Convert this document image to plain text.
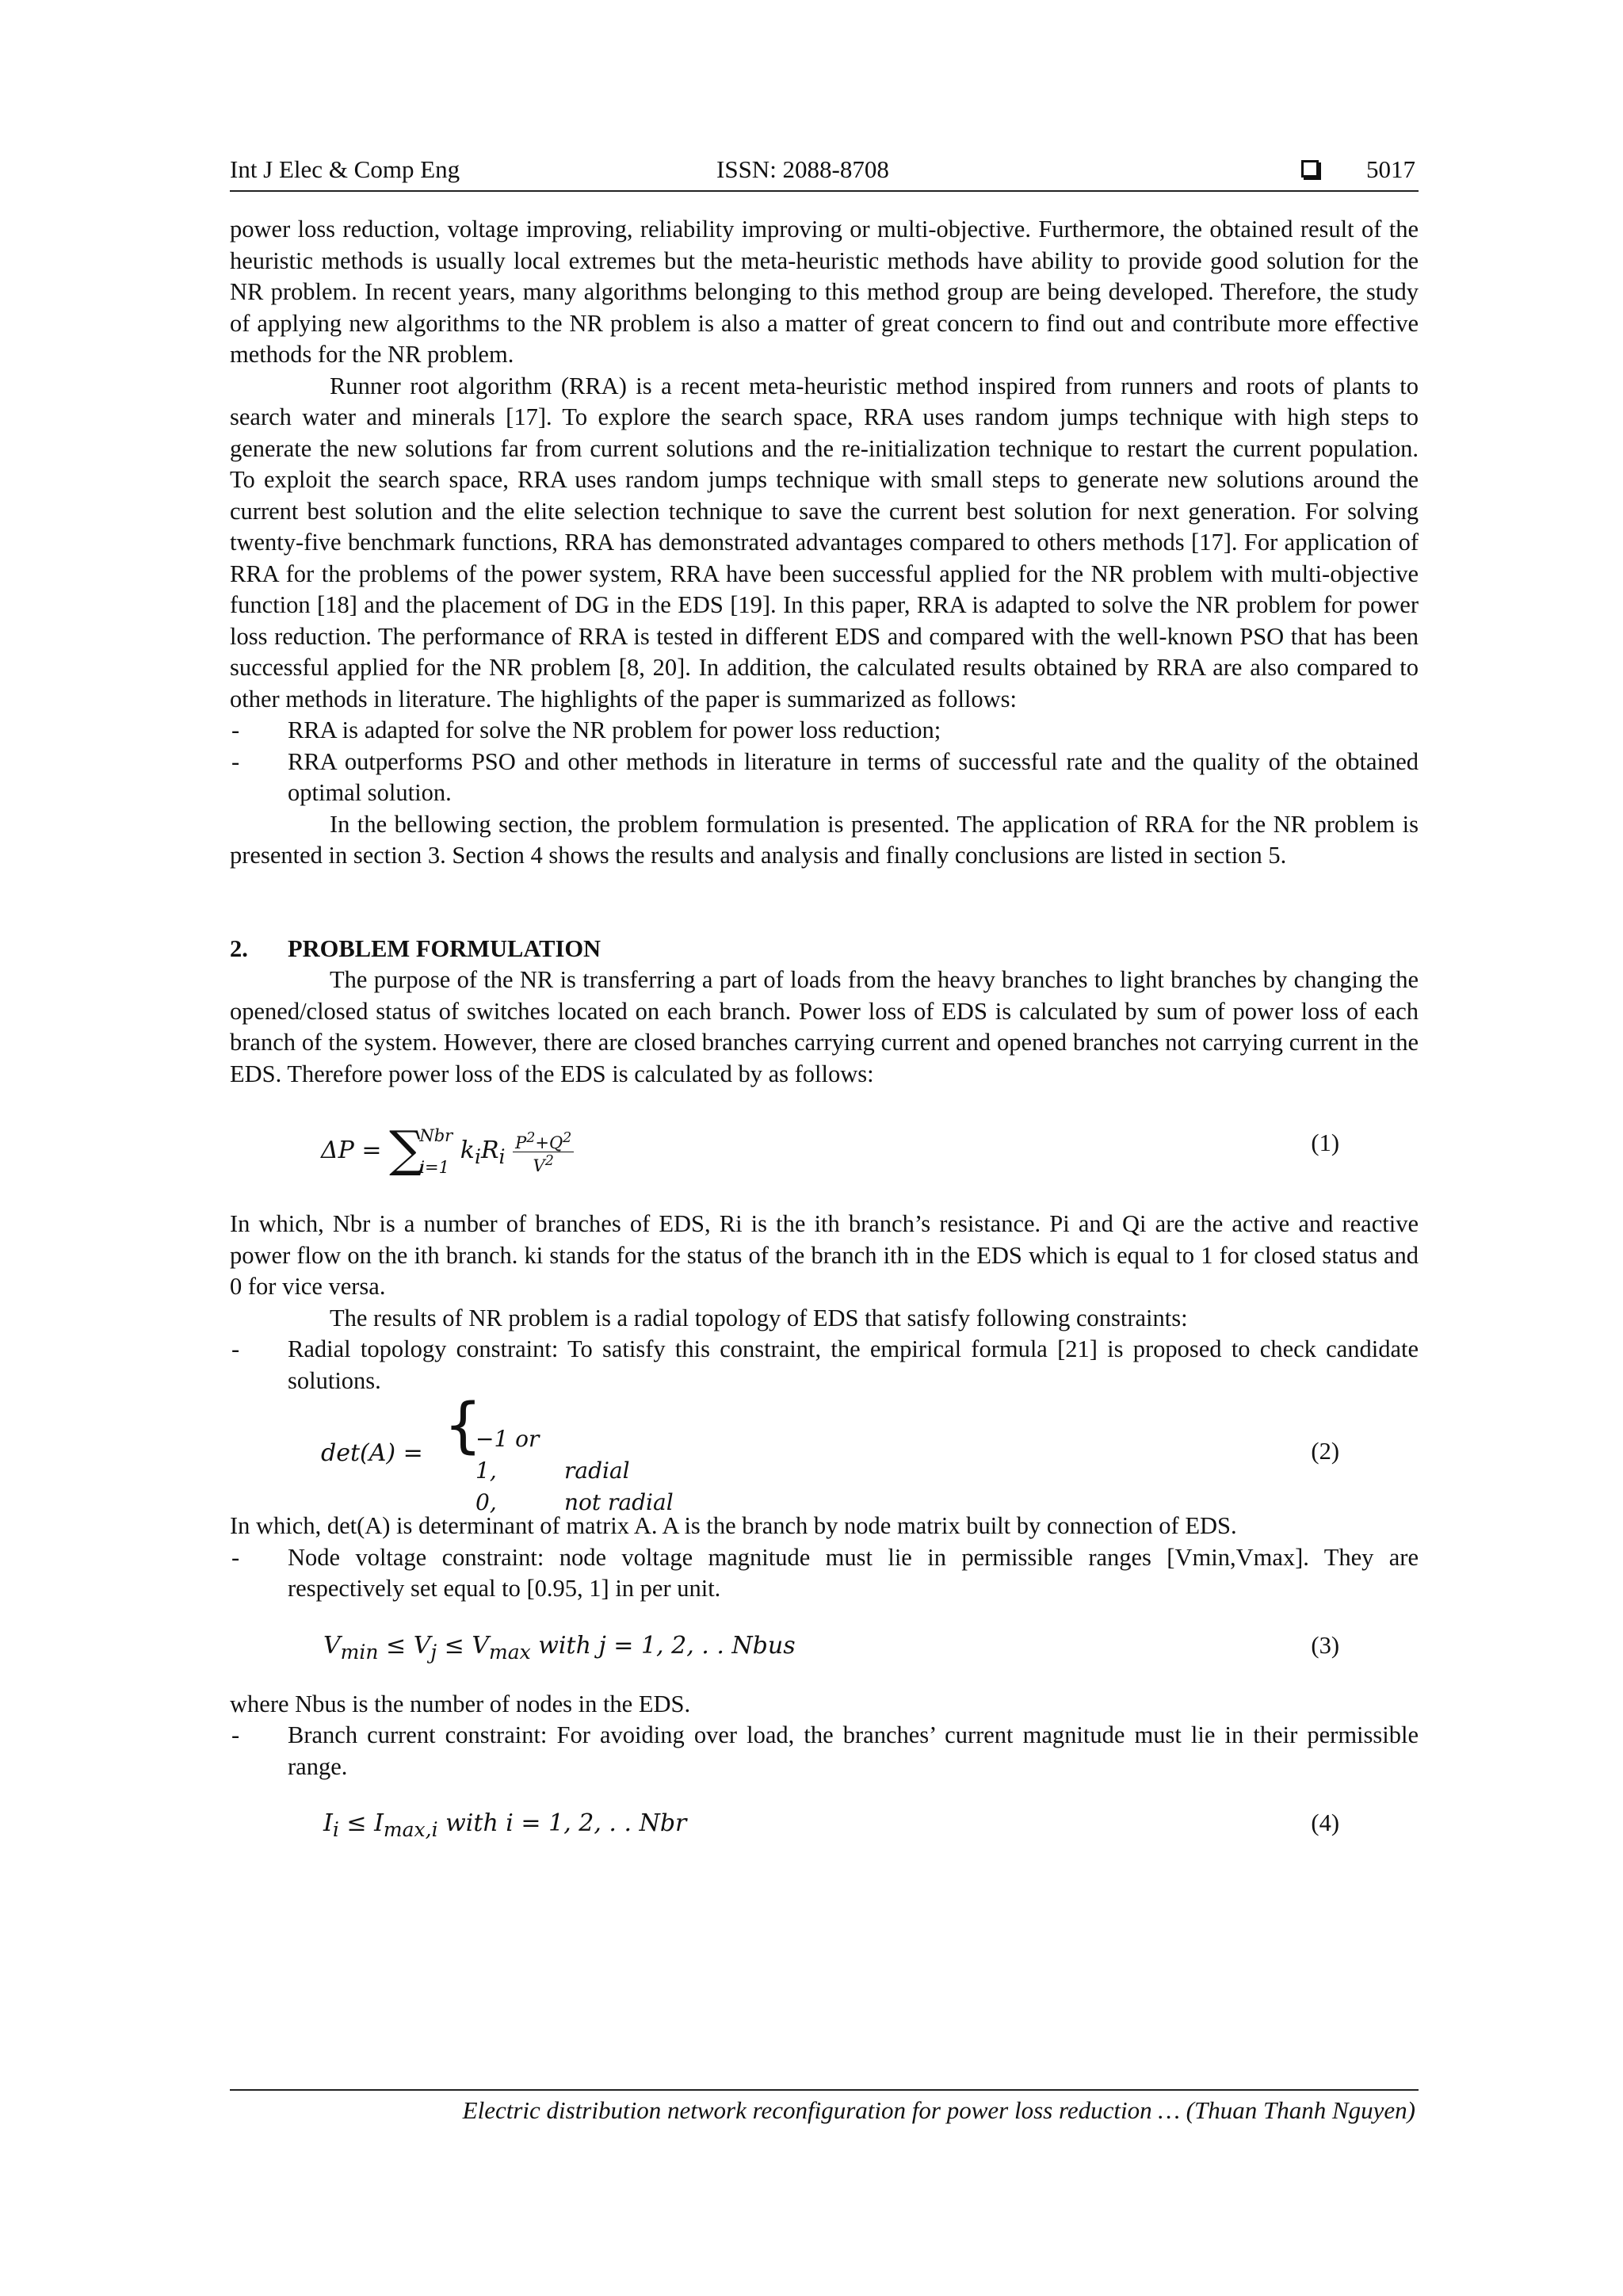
Int J Elec & Comp Eng	ISSN: 2088-8708	5017

power loss reduction, voltage improving, reliability improving or multi-objective. Furthermore, the obtained result of the heuristic methods is usually local extremes but the meta-heuristic methods have ability to provide good solution for the NR problem. In recent years, many algorithms belonging to this method group are being developed. Therefore, the study of applying new algorithms to the NR problem is also a matter of great concern to find out and contribute more effective methods for the NR problem.

Runner root algorithm (RRA) is a recent meta-heuristic method inspired from runners and roots of plants to search water and minerals [17]. To explore the search space, RRA uses random jumps technique with high steps to generate the new solutions far from current solutions and the re-initialization technique to restart the current population. To exploit the search space, RRA uses random jumps technique with small steps to generate new solutions around the current best solution and the elite selection technique to save the current best solution for next generation. For solving twenty-five benchmark functions, RRA has demonstrated advantages compared to others methods [17]. For application of RRA for the problems of the power system, RRA have been successful applied for the NR problem with multi-objective function [18] and the placement of DG in the EDS [19]. In this paper, RRA is adapted to solve the NR problem for power loss reduction. The performance of RRA is tested in different EDS and compared with the well-known PSO that has been successful applied for the NR problem [8, 20]. In addition, the calculated results obtained by RRA are also compared to other methods in literature. The highlights of the paper is summarized as follows:

- RRA is adapted for solve the NR problem for power loss reduction;
- RRA outperforms PSO and other methods in literature in terms of successful rate and the quality of the obtained optimal solution.

In the bellowing section, the problem formulation is presented. The application of RRA for the NR problem is presented in section 3. Section 4 shows the results and analysis and finally conclusions are listed in section 5.

2. PROBLEM FORMULATION

The purpose of the NR is transferring a part of loads from the heavy branches to light branches by changing the opened/closed status of switches located on each branch. Power loss of EDS is calculated by sum of power loss of each branch of the system. However, there are closed branches carrying current and opened branches not carrying current in the EDS. Therefore power loss of the EDS is calculated by as follows:

ΔP = ∑
Nbr
i=1
$k_iR_i \frac{P^2+Q^2}{V^2}$	(1)

In which, Nbr is a number of branches of EDS, Ri is the ith branch’s resistance. Pi and Qi are the active and reactive power flow on the ith branch. ki stands for the status of the branch ith in the EDS which is equal to 1 for closed status and 0 for vice versa.

The results of NR problem is a radial topology of EDS that satisfy following constraints:

- Radial topology constraint: To satisfy this constraint, the empirical formula [21] is proposed to check candidate solutions.
det(A) = {
−1 or 1,	radial
0,	not radial
(2)

In which, det(A) is determinant of matrix A. A is the branch by node matrix built by connection of EDS.

- Node voltage constraint: node voltage magnitude must lie in permissible ranges [Vmin,Vmax]. They are respectively set equal to [0.95, 1] in per unit.
$V_{min} \le V_j \le V_{max}$ with j = 1, 2, . . Nbus	(3)

where Nbus is the number of nodes in the EDS.

- Branch current constraint: For avoiding over load, the branches’ current magnitude must lie in their permissible range.
$I_i \le I_{max,i}$ with i = 1, 2, . . Nbr	(4)
Electric distribution network reconfiguration for power loss reduction … (Thuan Thanh Nguyen)
